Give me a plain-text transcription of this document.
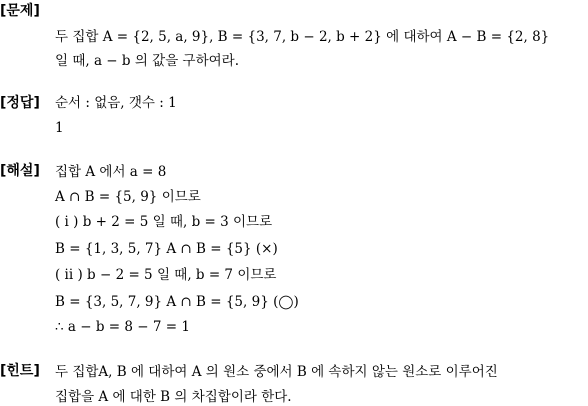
[문제]
두 집합 A = {2, 5, a, 9}, B = {3, 7, b − 2, b + 2} 에 대하여 A − B = {2, 8}
일 때, a − b 의 값을 구하여라.
[정답] 순서 : 없음, 갯수 : 1
1
[해설] 집합 A 에서 a = 8
A ∩ B = {5, 9} 이므로
( i ) b + 2 = 5 일 때, b = 3 이므로
B = {1, 3, 5, 7} A ∩ B = {5} (×)
( ii ) b − 2 = 5 일 때, b = 7 이므로
B = {3, 5, 7, 9} A ∩ B = {5, 9} (◯)
∴ a − b = 8 − 7 = 1
[힌트] 두 집합A, B 에 대하여 A 의 원소 중에서 B 에 속하지 않는 원소로 이루어진
집합을 A 에 대한 B 의 차집합이라 한다.
